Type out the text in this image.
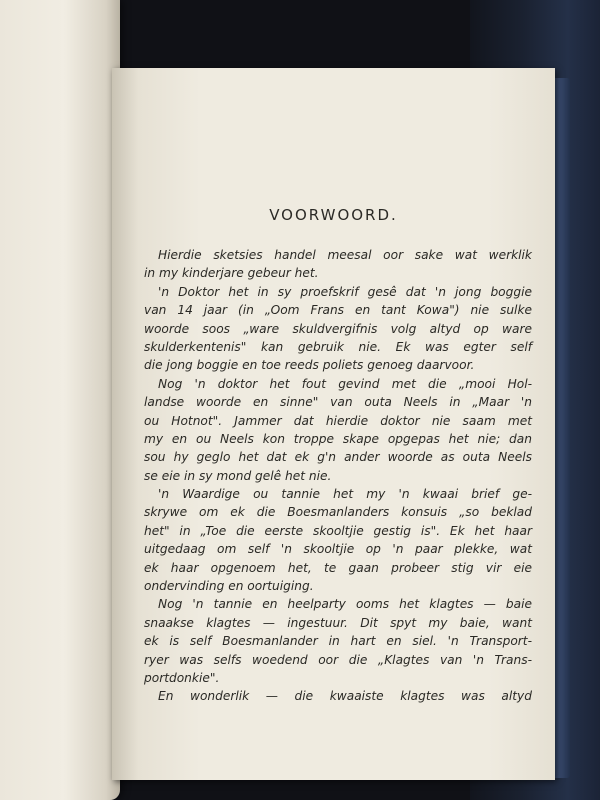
VOORWOORD.
Hierdie sketsies handel meesal oor sake wat werklik
in my kinderjare gebeur het.
'n Doktor het in sy proefskrif gesê dat 'n jong boggie
van 14 jaar (in „Oom Frans en tant Kowa") nie sulke
woorde soos „ware skuldvergifnis volg altyd op ware
skulderkentenis" kan gebruik nie. Ek was egter self
die jong boggie en toe reeds poliets genoeg daarvoor.
Nog 'n doktor het fout gevind met die „mooi Hol-
landse woorde en sinne" van outa Neels in „Maar 'n
ou Hotnot". Jammer dat hierdie doktor nie saam met
my en ou Neels kon troppe skape opgepas het nie; dan
sou hy geglo het dat ek g'n ander woorde as outa Neels
se eie in sy mond gelê het nie.
'n Waardige ou tannie het my 'n kwaai brief ge-
skrywe om ek die Boesmanlanders konsuis „so beklad
het" in „Toe die eerste skooltjie gestig is". Ek het haar
uitgedaag om self 'n skooltjie op 'n paar plekke, wat
ek haar opgenoem het, te gaan probeer stig vir eie
ondervinding en oortuiging.
Nog 'n tannie en heelparty ooms het klagtes — baie
snaakse klagtes — ingestuur. Dit spyt my baie, want
ek is self Boesmanlander in hart en siel. 'n Transport-
ryer was selfs woedend oor die „Klagtes van 'n Trans-
portdonkie".
En wonderlik — die kwaaiste klagtes was altyd
